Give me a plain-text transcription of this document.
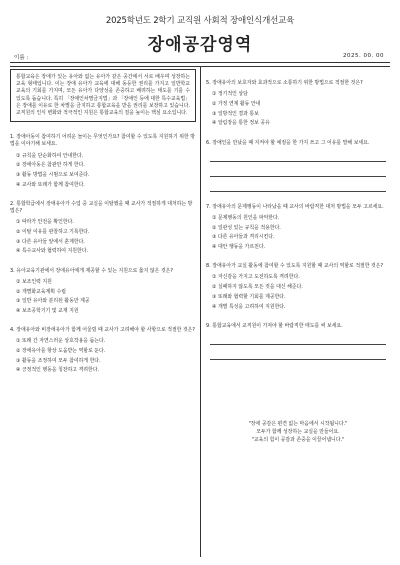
2025학년도 2학기 교직원 사회적 장애인식개선교육
장애공감영역
이름 :	2025. 00. 00
통합교육은 장애가 있는 유아와 없는 유아가 같은 공간에서 서로 배우며 성장하는 교육 형태입니다. 이는 장애 유아가 교육에 대해 동등한 권리를 가지고 일반학교 교육의 기회를 가지며, 모든 유아가 다양성을 존중하고 배려하는 태도를 기를 수 있도록 돕습니다. 특히 「장애인차별금지법」과 「장애인 등에 대한 특수교육법」은 장애를 이유로 한 차별을 금지하고 통합교육을 받을 권리를 보장하고 있습니다. 교직원의 인식 변화와 적극적인 지원은 통합교육의 질을 높이는 핵심 요소입니다.
1. 장애아동이 참여하기 어려운 놀이는 무엇인가요? 참여할 수 있도록 지원하기 위한 방법을 이야기해 보세요.
① 규칙을 단순화하여 안내한다.
② 장애아동은 참관만 하게 한다.
③ 활동 방법을 시범으로 보여준다.
④ 교사와 또래가 함께 참여한다.
2. 통합학급에서 장애유아가 수업 중 교실을 이탈했을 때 교사가 적절하게 대처하는 방법은?
① 따라가 안전을 확인한다.
② 이탈 이유를 관찰하고 기록한다.
③ 다른 유아들 앞에서 훈계한다.
④ 특수교사와 협력하여 지원한다.
3. 유아교육기관에서 장애유아에게 제공할 수 있는 지원으로 옳지 않은 것은?
① 보조인력 지원
② 개별화교육계획 수립
③ 일반 유아와 분리된 활동만 제공
④ 보조공학기기 및 교재 지원
4. 장애유아와 비장애유아가 함께 어울릴 때 교사가 고려해야 할 사항으로 적절한 것은?
① 또래 간 자연스러운 상호작용을 돕는다.
② 장애유아를 항상 도움받는 역할로 둔다.
③ 활동을 조정하여 모두 참여하게 한다.
④ 긍정적인 행동을 칭찬하고 격려한다.
5. 장애유아의 보호자와 효과적으로 소통하기 위한 방법으로 적절한 것은?
① 정기적인 상담
② 가정 연계 활동 안내
③ 일방적인 결과 통보
④ 알림장을 통한 정보 공유
6. 장애인을 만났을 때 지켜야 할 예절을 한 가지 쓰고 그 이유를 말해 보세요.
7. 장애유아의 문제행동이 나타났을 때 교사의 바람직한 대처 방법을 모두 고르세요.
① 문제행동의 원인을 파악한다.
② 일관성 있는 규칙을 적용한다.
③ 다른 유아들과 격리시킨다.
④ 대안 행동을 가르친다.
8. 장애유아가 교실 활동에 참여할 수 있도록 지원할 때 교사의 역할로 적절한 것은?
① 자신감을 가지고 도전하도록 격려한다.
② 실패하지 않도록 모든 것을 대신 해준다.
③ 또래와 협력할 기회를 제공한다.
④ 개별 특성을 고려하여 지원한다.
9. 통합교육에서 교직원이 가져야 할 바람직한 태도를 써 보세요.
"장애 공감은 편견 없는 마음에서 시작됩니다."
모두가 함께 성장하는 교실을 만들어요.
"교육의 힘이 공감과 존중을 이끌어냅니다."
